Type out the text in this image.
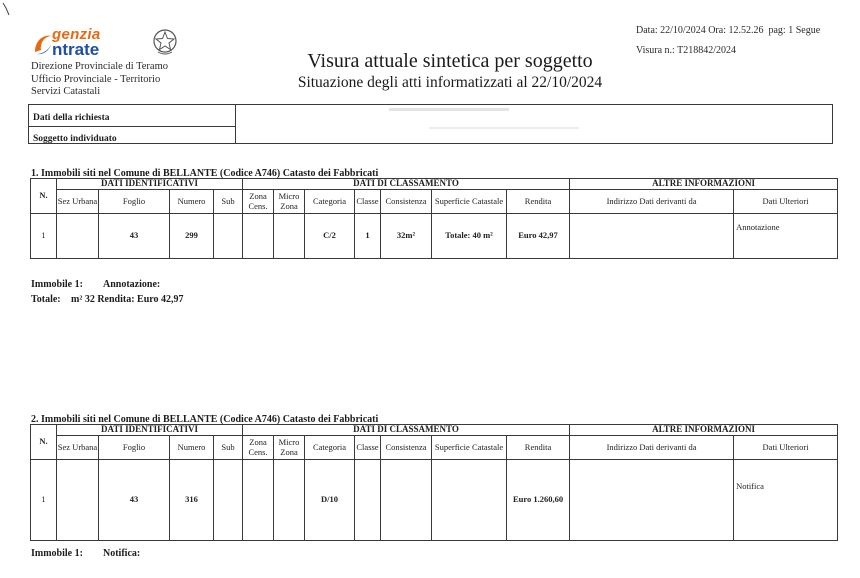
genzia
ntrate
Direzione Provinciale di Teramo
Ufficio Provinciale - Territorio
Servizi Catastali
Data: 22/10/2024 Ora: 12.52.26 pag: 1 Segue
Visura n.: T218842/2024
Visura attuale sintetica per soggetto
Situazione degli atti informatizzati al 22/10/2024
Dati della richiesta
Soggetto individuato
1. Immobili siti nel Comune di BELLANTE (Codice A746) Catasto dei Fabbricati
N.	DATI IDENTIFICATIVI				DATI DI CLASSAMENTO							ALTRE INFORMAZIONI	
	Sez Urbana	Foglio	Numero	Sub	Zona Cens.	Micro Zona	Categoria	Classe	Consistenza	Superficie Catastale	Rendita	Indirizzo Dati derivanti da	Dati Ulteriori
1		43	299				C/2	1	32m²	Totale: 40 m²	Euro 42,97		Annotazione
Immobile 1: Annotazione:
Totale: m² 32 Rendita: Euro 42,97
2. Immobili siti nel Comune di BELLANTE (Codice A746) Catasto dei Fabbricati
N.	DATI IDENTIFICATIVI				DATI DI CLASSAMENTO							ALTRE INFORMAZIONI	
	Sez Urbana	Foglio	Numero	Sub	Zona Cens.	Micro Zona	Categoria	Classe	Consistenza	Superficie Catastale	Rendita	Indirizzo Dati derivanti da	Dati Ulteriori
1		43	316				D/10				Euro 1.260,60		Notifica
Immobile 1: Notifica:
